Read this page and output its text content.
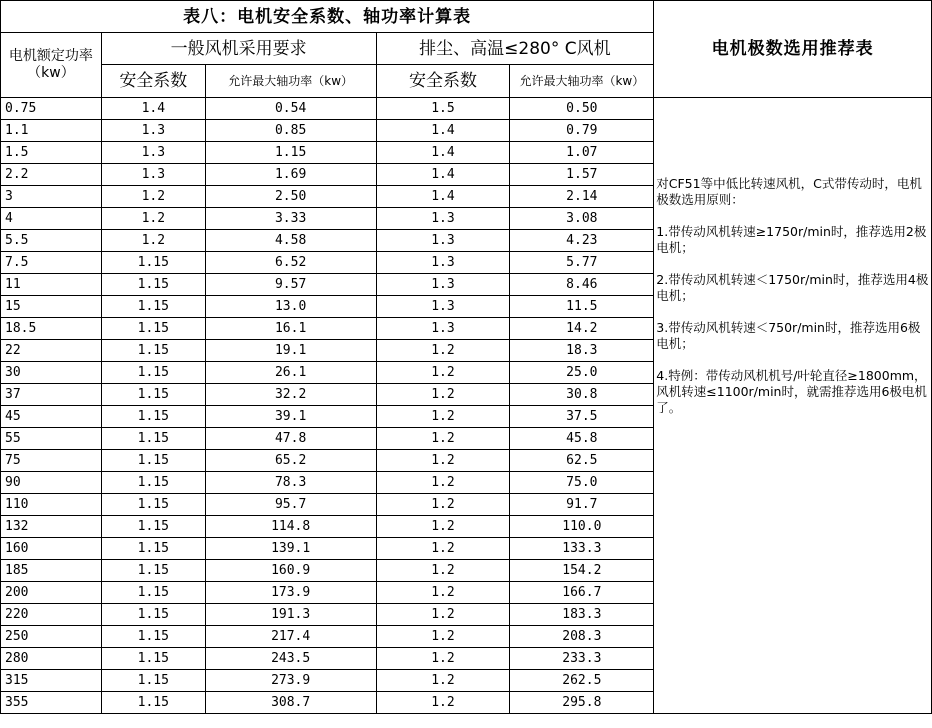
表八：电机安全系数、轴功率计算表					电机极数选用推荐表
电机额定功率（kw）	一般风机采用要求		排尘、高温≤280° C风机		
	安全系数	允许最大轴功率（kw）	安全系数	允许最大轴功率（kw）	
0.75	1.4	0.54	1.5	0.50	对CF51等中低比转速风机，C式带传动时，电机极数选用原则：

1.带传动风机转速≥1750r/min时，推荐选用2极电机；

2.带传动风机转速＜1750r/min时，推荐选用4极电机；

3.带传动风机转速＜750r/min时，推荐选用6极电机；

4.特例：带传动风机机号/叶轮直径≥1800mm，风机转速≤1100r/min时，就需推荐选用6极电机了。

1.1	1.3	0.85	1.4	0.79	
1.5	1.3	1.15	1.4	1.07	
2.2	1.3	1.69	1.4	1.57	
3	1.2	2.50	1.4	2.14	
4	1.2	3.33	1.3	3.08	
5.5	1.2	4.58	1.3	4.23	
7.5	1.15	6.52	1.3	5.77	
11	1.15	9.57	1.3	8.46	
15	1.15	13.0	1.3	11.5	
18.5	1.15	16.1	1.3	14.2	
22	1.15	19.1	1.2	18.3	
30	1.15	26.1	1.2	25.0	
37	1.15	32.2	1.2	30.8	
45	1.15	39.1	1.2	37.5	
55	1.15	47.8	1.2	45.8	
75	1.15	65.2	1.2	62.5	
90	1.15	78.3	1.2	75.0	
110	1.15	95.7	1.2	91.7	
132	1.15	114.8	1.2	110.0	
160	1.15	139.1	1.2	133.3	
185	1.15	160.9	1.2	154.2	
200	1.15	173.9	1.2	166.7	
220	1.15	191.3	1.2	183.3	
250	1.15	217.4	1.2	208.3	
280	1.15	243.5	1.2	233.3	
315	1.15	273.9	1.2	262.5	
355	1.15	308.7	1.2	295.8	
